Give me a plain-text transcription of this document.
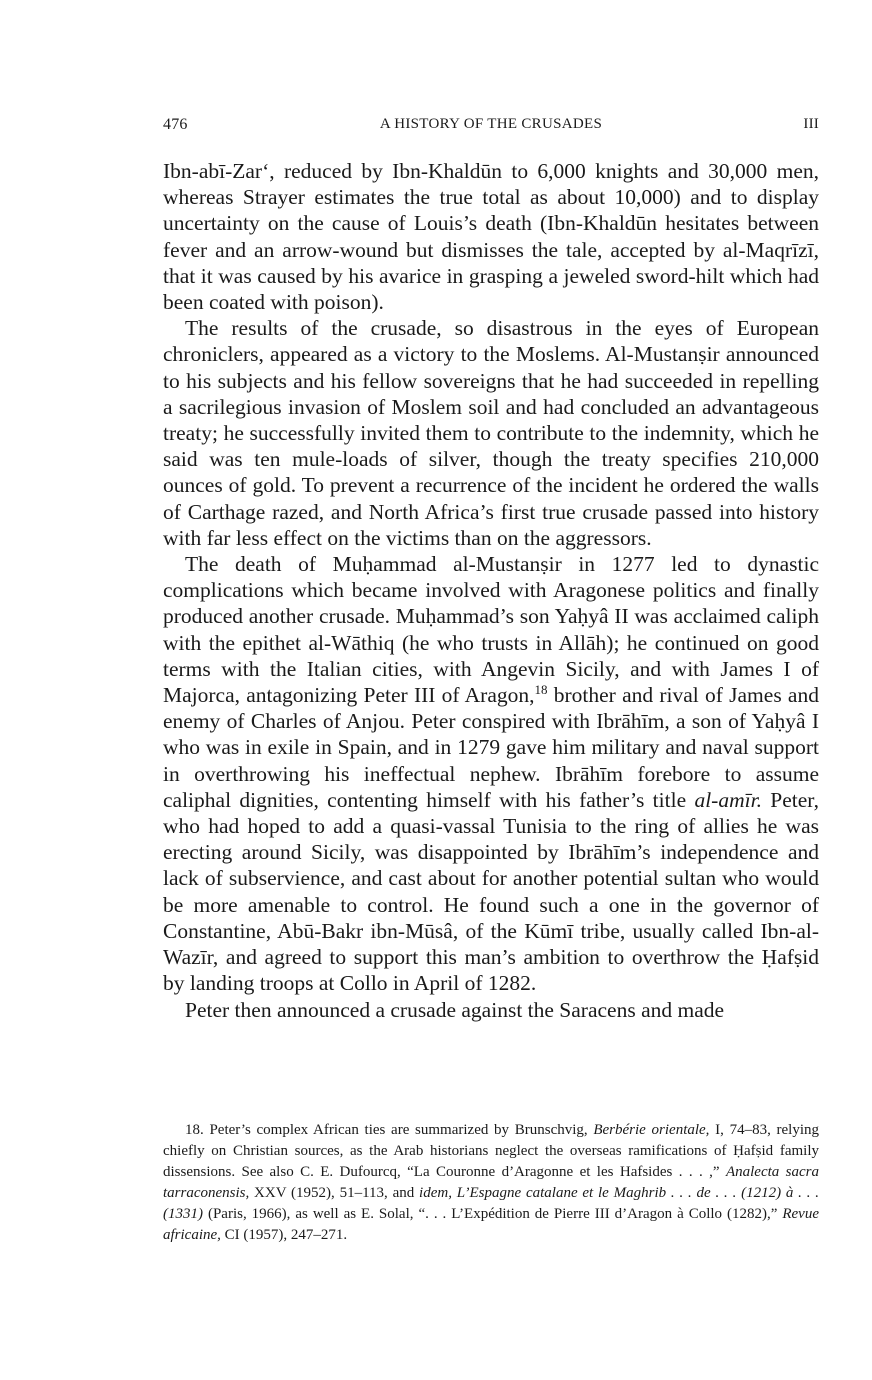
476	A HISTORY OF THE CRUSADES	III

Ibn-abī-Zar‘, reduced by Ibn-Khaldūn to 6,000 knights and 30,000 men, whereas Strayer estimates the true total as about 10,000) and to display uncertainty on the cause of Louis’s death (Ibn-Khaldūn hesitates between fever and an arrow-wound but dismisses the tale, accepted by al-Maqrīzī, that it was caused by his avarice in grasping a jeweled sword-hilt which had been coated with poison).

The results of the crusade, so disastrous in the eyes of European chroniclers, appeared as a victory to the Moslems. Al-Mustanṣir announced to his subjects and his fellow sovereigns that he had succeeded in repelling a sacrilegious invasion of Moslem soil and had concluded an advantageous treaty; he successfully invited them to contribute to the indemnity, which he said was ten mule-loads of silver, though the treaty specifies 210,000 ounces of gold. To prevent a recurrence of the incident he ordered the walls of Carthage razed, and North Africa’s first true crusade passed into history with far less effect on the victims than on the aggressors.

The death of Muḥammad al-Mustanṣir in 1277 led to dynastic complications which became involved with Aragonese politics and finally produced another crusade. Muḥammad’s son Yaḥyâ II was acclaimed caliph with the epithet al-Wāthiq (he who trusts in Allāh); he continued on good terms with the Italian cities, with Angevin Sicily, and with James I of Majorca, antagonizing Peter III of Aragon,$^{18}$ brother and rival of James and enemy of Charles of Anjou. Peter conspired with Ibrāhīm, a son of Yaḥyâ I who was in exile in Spain, and in 1279 gave him military and naval support in overthrowing his ineffectual nephew. Ibrāhīm forebore to assume caliphal dignities, contenting himself with his father’s title al-amīr. Peter, who had hoped to add a quasi-vassal Tunisia to the ring of allies he was erecting around Sicily, was disappointed by Ibrāhīm’s independence and lack of subservience, and cast about for another potential sultan who would be more amenable to control. He found such a one in the governor of Constantine, Abū-Bakr ibn-Mūsâ, of the Kūmī tribe, usually called Ibn-al-Wazīr, and agreed to support this man’s ambition to overthrow the Ḥafṣid by landing troops at Collo in April of 1282.

Peter then announced a crusade against the Saracens and made

18. Peter’s complex African ties are summarized by Brunschvig, Berbérie orientale, I, 74–83, relying chiefly on Christian sources, as the Arab historians neglect the overseas ramifications of Ḥafṣid family dissensions. See also C. E. Dufourcq, “La Couronne d’Aragonne et les Hafsides . . . ,” Analecta sacra tarraconensis, XXV (1952), 51–113, and idem, L’Espagne catalane et le Maghrib . . . de . . . (1212) à . . . (1331) (Paris, 1966), as well as E. Solal, “. . . L’Expédition de Pierre III d’Aragon à Collo (1282),” Revue africaine, CI (1957), 247–271.
